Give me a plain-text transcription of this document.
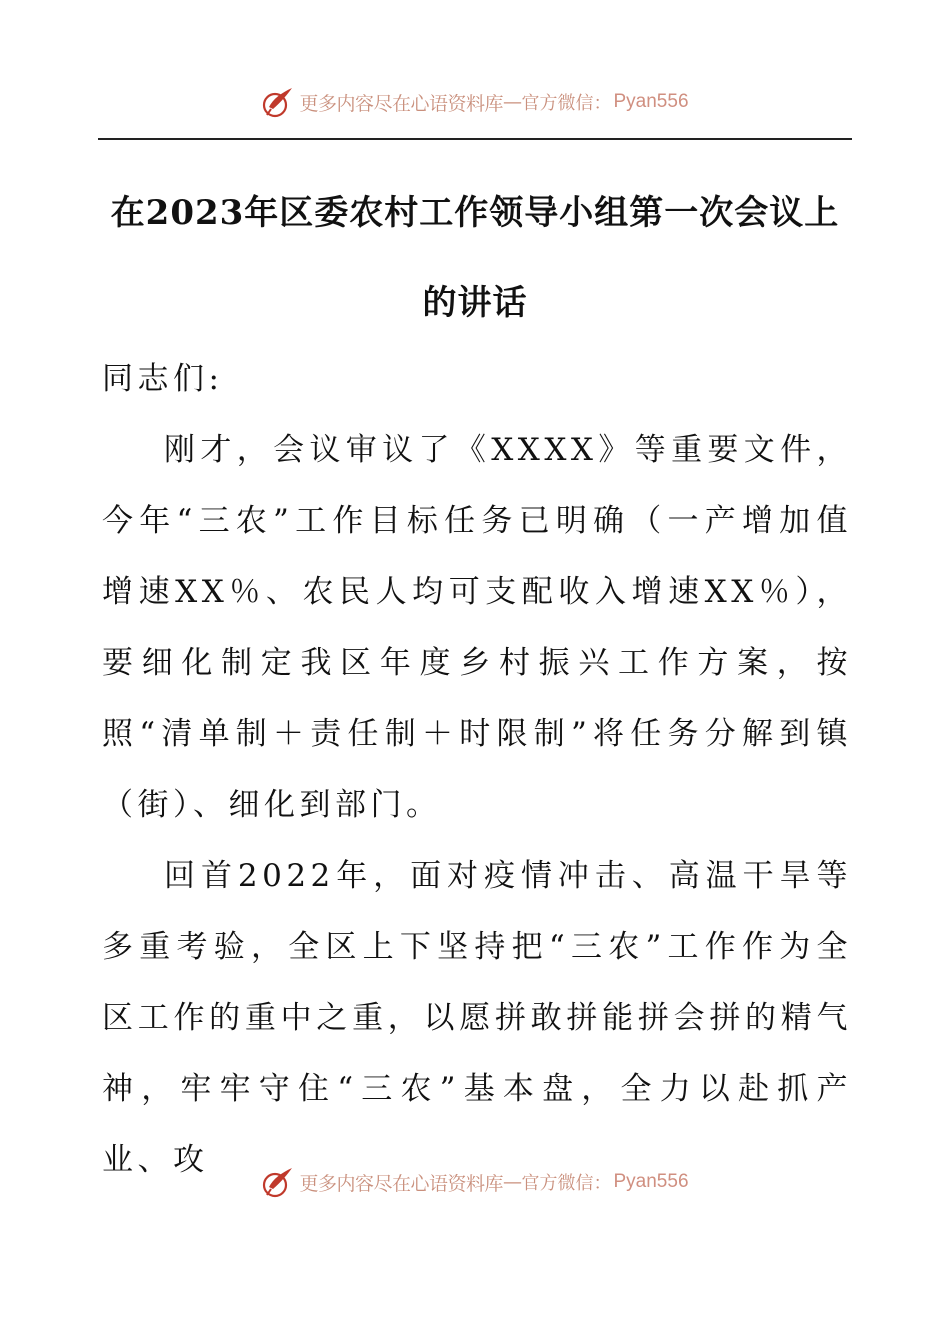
更多内容尽在心语资料库 — 官方微信： Pyan556
在2023年区委农村工作领导小组第一次会议上的讲话

同志们:

刚才，会议审议了《XXXX》等重要文件，今年“三农”工作目标任务已明确（一产增加值增速XX％、农民人均可支配收入增速XX％），要细化制定我区年度乡村振兴工作方案，按照“清单制＋责任制＋时限制”将任务分解到镇（街）、细化到部门。

回首2022年，面对疫情冲击、高温干旱等多重考验，全区上下坚持把“三农”工作作为全区工作的重中之重，以愿拼敢拼能拼会拼的精气神，牢牢守住“三农”基本盘，全力以赴抓产业、攻

更多内容尽在心语资料库 — 官方微信： Pyan556
